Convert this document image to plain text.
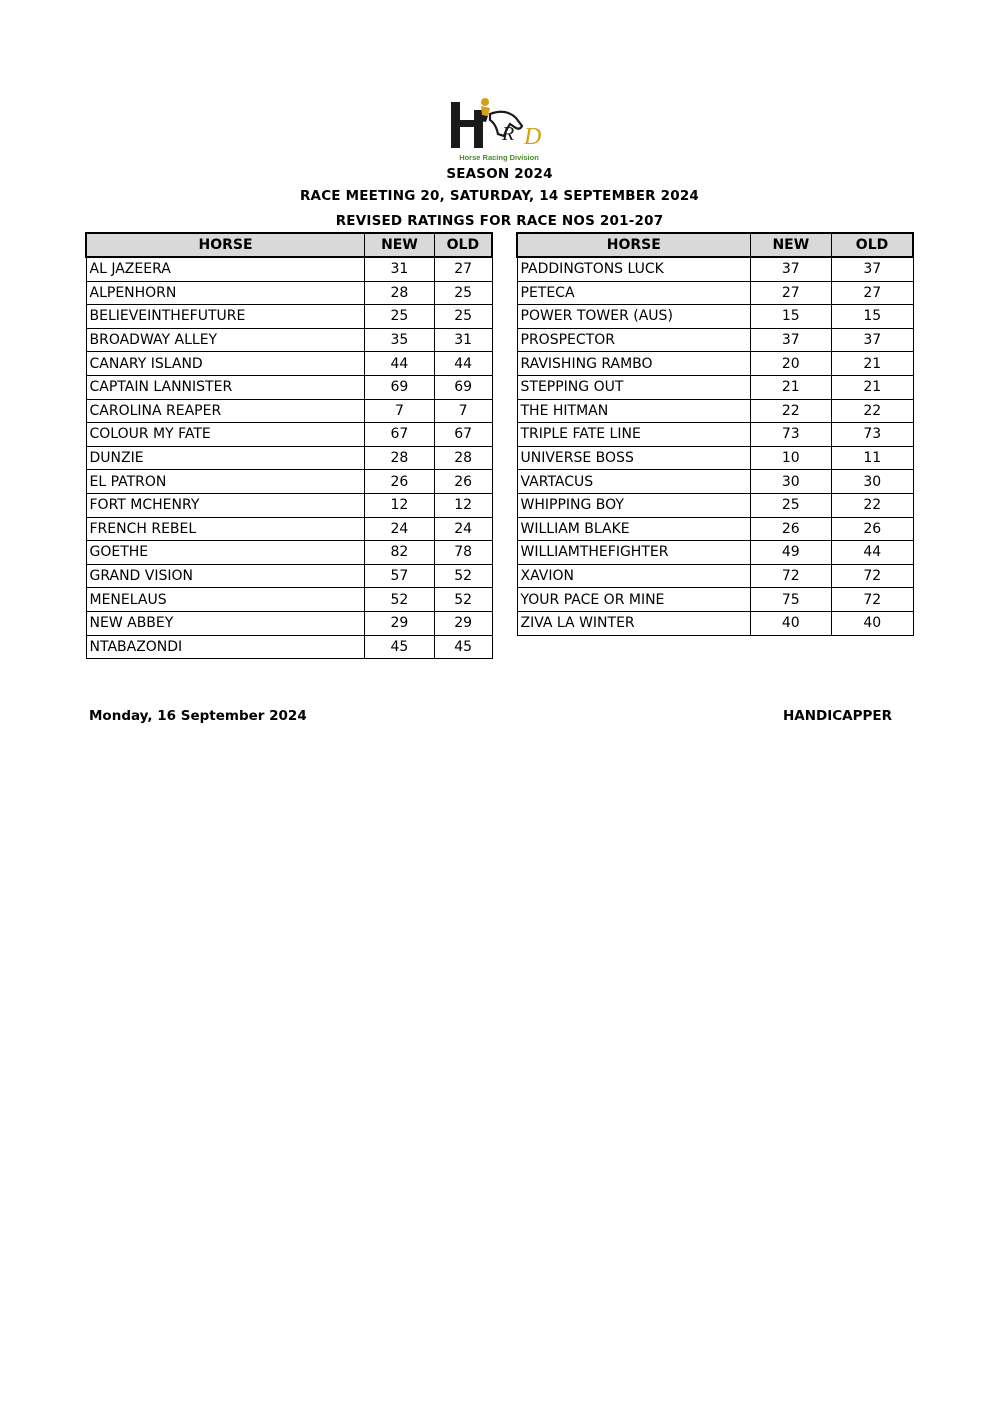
R D
Horse Racing Division
SEASON 2024
RACE MEETING 20, SATURDAY, 14 SEPTEMBER 2024
REVISED RATINGS FOR RACE NOS 201-207
HORSE	NEW	OLD
AL JAZEERA	31	27
ALPENHORN	28	25
BELIEVEINTHEFUTURE	25	25
BROADWAY ALLEY	35	31
CANARY ISLAND	44	44
CAPTAIN LANNISTER	69	69
CAROLINA REAPER	7	7
COLOUR MY FATE	67	67
DUNZIE	28	28
EL PATRON	26	26
FORT MCHENRY	12	12
FRENCH REBEL	24	24
GOETHE	82	78
GRAND VISION	57	52
MENELAUS	52	52
NEW ABBEY	29	29
NTABAZONDI	45	45
HORSE	NEW	OLD
PADDINGTONS LUCK	37	37
PETECA	27	27
POWER TOWER (AUS)	15	15
PROSPECTOR	37	37
RAVISHING RAMBO	20	21
STEPPING OUT	21	21
THE HITMAN	22	22
TRIPLE FATE LINE	73	73
UNIVERSE BOSS	10	11
VARTACUS	30	30
WHIPPING BOY	25	22
WILLIAM BLAKE	26	26
WILLIAMTHEFIGHTER	49	44
XAVION	72	72
YOUR PACE OR MINE	75	72
ZIVA LA WINTER	40	40
Monday, 16 September 2024	HANDICAPPER
